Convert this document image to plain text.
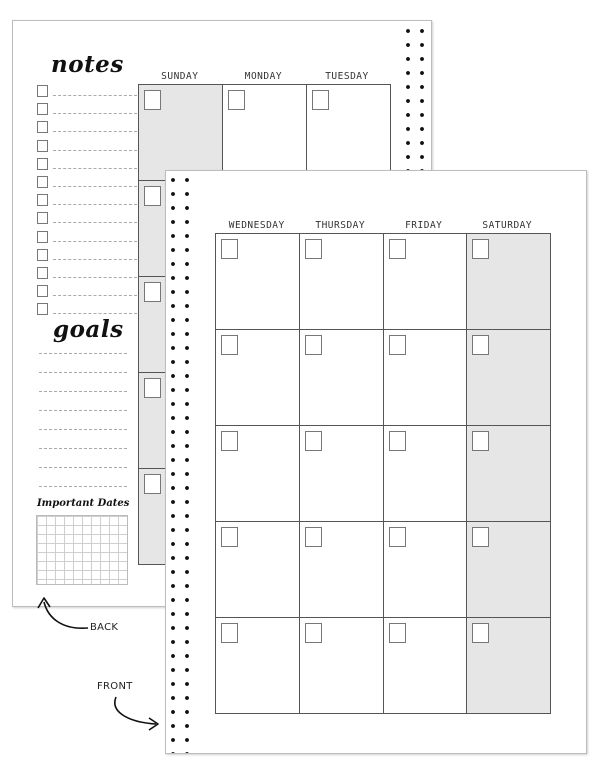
notes
goals
Important Dates
SUNDAY	MONDAY	TUESDAY
WEDNESDAY	THURSDAY	FRIDAY	SATURDAY
BACK
FRONT
